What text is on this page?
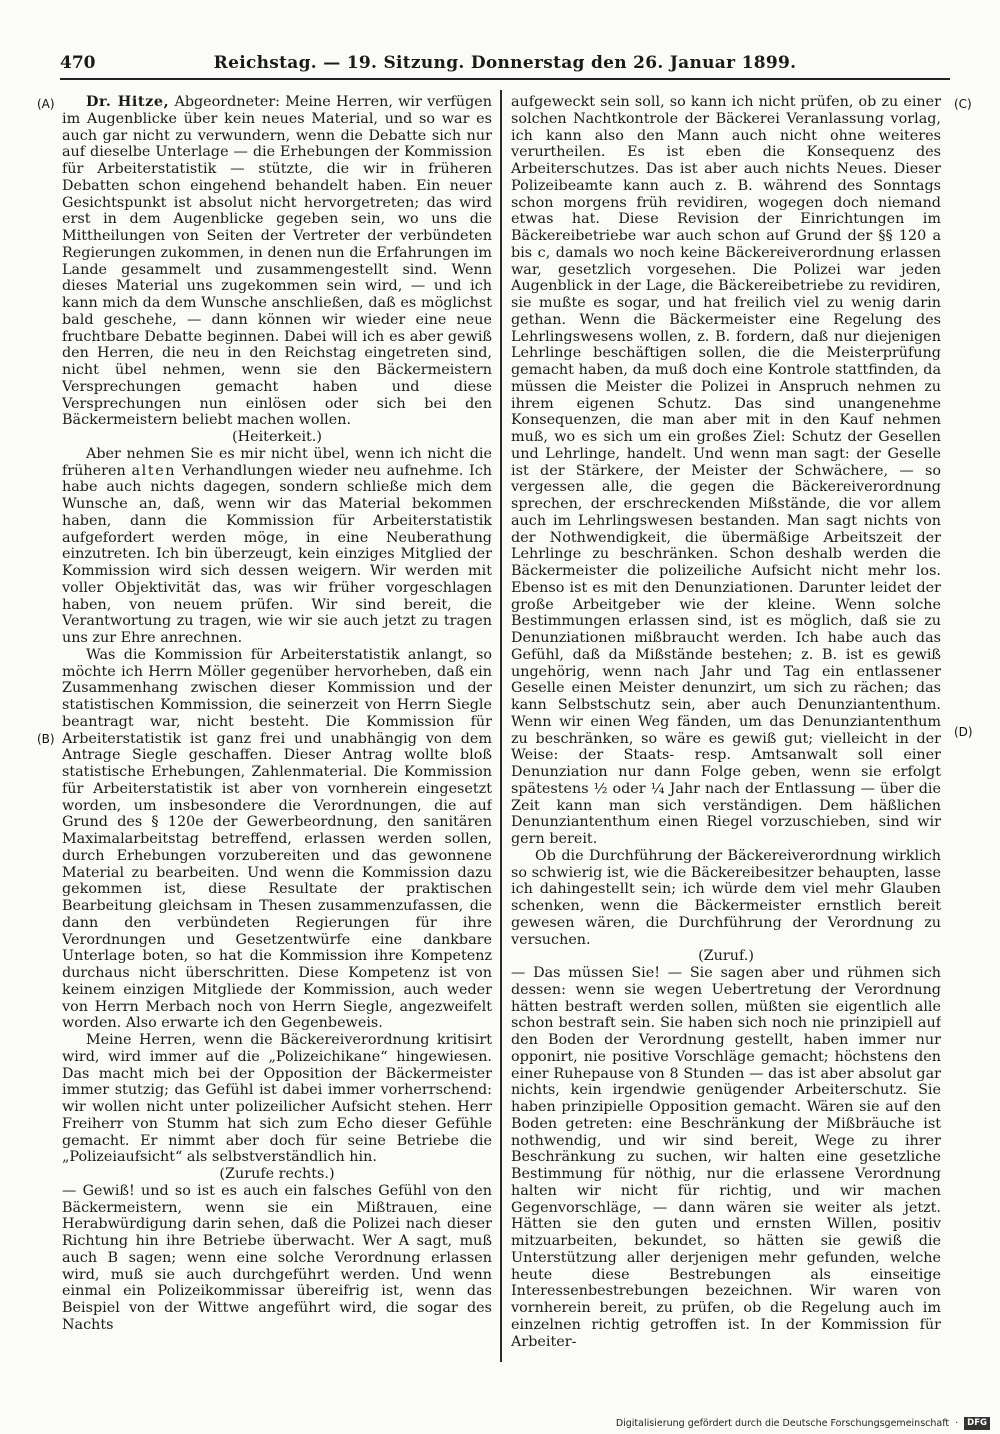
470	Reichstag. — 19. Sitzung. Donnerstag den 26. Januar 1899.
(A)
(B)
(C)
(D)

Dr. Hitze, Abgeordneter: Meine Herren, wir verfügen im Augenblicke über kein neues Material, und so war es auch gar nicht zu verwundern, wenn die Debatte sich nur auf dieselbe Unterlage — die Erhebungen der Kommission für Arbeiterstatistik — stützte, die wir in früheren Debatten schon eingehend behandelt haben. Ein neuer Gesichtspunkt ist absolut nicht hervorgetreten; das wird erst in dem Augenblicke gegeben sein, wo uns die Mittheilungen von Seiten der Vertreter der verbündeten Regierungen zukommen, in denen nun die Erfahrungen im Lande gesammelt und zusammengestellt sind. Wenn dieses Material uns zugekommen sein wird, — und ich kann mich da dem Wunsche anschließen, daß es möglichst bald geschehe, — dann können wir wieder eine neue fruchtbare Debatte beginnen. Dabei will ich es aber gewiß den Herren, die neu in den Reichstag eingetreten sind, nicht übel nehmen, wenn sie den Bäckermeistern Versprechungen gemacht haben und diese Versprechungen nun einlösen oder sich bei den Bäckermeistern beliebt machen wollen.

(Heiterkeit.)

Aber nehmen Sie es mir nicht übel, wenn ich nicht die früheren alten Verhandlungen wieder neu aufnehme. Ich habe auch nichts dagegen, sondern schließe mich dem Wunsche an, daß, wenn wir das Material bekommen haben, dann die Kommission für Arbeiterstatistik aufgefordert werden möge, in eine Neuberathung einzutreten. Ich bin überzeugt, kein einziges Mitglied der Kommission wird sich dessen weigern. Wir werden mit voller Objektivität das, was wir früher vorgeschlagen haben, von neuem prüfen. Wir sind bereit, die Verantwortung zu tragen, wie wir sie auch jetzt zu tragen uns zur Ehre anrechnen.

Was die Kommission für Arbeiterstatistik anlangt, so möchte ich Herrn Möller gegenüber hervorheben, daß ein Zusammenhang zwischen dieser Kommission und der statistischen Kommission, die seinerzeit von Herrn Siegle beantragt war, nicht besteht. Die Kommission für Arbeiterstatistik ist ganz frei und unabhängig von dem Antrage Siegle geschaffen. Dieser Antrag wollte bloß statistische Erhebungen, Zahlenmaterial. Die Kommission für Arbeiterstatistik ist aber von vornherein eingesetzt worden, um insbesondere die Verordnungen, die auf Grund des § 120e der Gewerbeordnung, den sanitären Maximalarbeitstag betreffend, erlassen werden sollen, durch Erhebungen vorzubereiten und das gewonnene Material zu bearbeiten. Und wenn die Kommission dazu gekommen ist, diese Resultate der praktischen Bearbeitung gleichsam in Thesen zusammenzufassen, die dann den verbündeten Regierungen für ihre Verordnungen und Gesetzentwürfe eine dankbare Unterlage boten, so hat die Kommission ihre Kompetenz durchaus nicht überschritten. Diese Kompetenz ist von keinem einzigen Mitgliede der Kommission, auch weder von Herrn Merbach noch von Herrn Siegle, angezweifelt worden. Also erwarte ich den Gegenbeweis.

Meine Herren, wenn die Bäckereiverordnung kritisirt wird, wird immer auf die „Polizeichikane“ hingewiesen. Das macht mich bei der Opposition der Bäckermeister immer stutzig; das Gefühl ist dabei immer vorherrschend: wir wollen nicht unter polizeilicher Aufsicht stehen. Herr Freiherr von Stumm hat sich zum Echo dieser Gefühle gemacht. Er nimmt aber doch für seine Betriebe die „Polizeiaufsicht“ als selbstverständlich hin.

(Zurufe rechts.)

— Gewiß! und so ist es auch ein falsches Gefühl von den Bäckermeistern, wenn sie ein Mißtrauen, eine Herabwürdigung darin sehen, daß die Polizei nach dieser Richtung hin ihre Betriebe überwacht. Wer A sagt, muß auch B sagen; wenn eine solche Verordnung erlassen wird, muß sie auch durchgeführt werden. Und wenn einmal ein Polizeikommissar übereifrig ist, wenn das Beispiel von der Wittwe angeführt wird, die sogar des Nachts

aufgeweckt sein soll, so kann ich nicht prüfen, ob zu einer solchen Nachtkontrole der Bäckerei Veranlassung vorlag, ich kann also den Mann auch nicht ohne weiteres verurtheilen. Es ist eben die Konsequenz des Arbeiterschutzes. Das ist aber auch nichts Neues. Dieser Polizeibeamte kann auch z. B. während des Sonntags schon morgens früh revidiren, wogegen doch niemand etwas hat. Diese Revision der Einrichtungen im Bäckereibetriebe war auch schon auf Grund der §§ 120 a bis c, damals wo noch keine Bäckereiverordnung erlassen war, gesetzlich vorgesehen. Die Polizei war jeden Augenblick in der Lage, die Bäckereibetriebe zu revidiren, sie mußte es sogar, und hat freilich viel zu wenig darin gethan. Wenn die Bäckermeister eine Regelung des Lehrlingswesens wollen, z. B. fordern, daß nur diejenigen Lehrlinge beschäftigen sollen, die die Meisterprüfung gemacht haben, da muß doch eine Kontrole stattfinden, da müssen die Meister die Polizei in Anspruch nehmen zu ihrem eigenen Schutz. Das sind unangenehme Konsequenzen, die man aber mit in den Kauf nehmen muß, wo es sich um ein großes Ziel: Schutz der Gesellen und Lehrlinge, handelt. Und wenn man sagt: der Geselle ist der Stärkere, der Meister der Schwächere, — so vergessen alle, die gegen die Bäckereiverordnung sprechen, der erschreckenden Mißstände, die vor allem auch im Lehrlingswesen bestanden. Man sagt nichts von der Nothwendigkeit, die übermäßige Arbeitszeit der Lehrlinge zu beschränken. Schon deshalb werden die Bäckermeister die polizeiliche Aufsicht nicht mehr los. Ebenso ist es mit den Denunziationen. Darunter leidet der große Arbeitgeber wie der kleine. Wenn solche Bestimmungen erlassen sind, ist es möglich, daß sie zu Denunziationen mißbraucht werden. Ich habe auch das Gefühl, daß da Mißstände bestehen; z. B. ist es gewiß ungehörig, wenn nach Jahr und Tag ein entlassener Geselle einen Meister denunzirt, um sich zu rächen; das kann Selbstschutz sein, aber auch Denunziantenthum. Wenn wir einen Weg fänden, um das Denunziantenthum zu beschränken, so wäre es gewiß gut; vielleicht in der Weise: der Staats- resp. Amtsanwalt soll einer Denunziation nur dann Folge geben, wenn sie erfolgt spätestens ½ oder ¼ Jahr nach der Entlassung — über die Zeit kann man sich verständigen. Dem häßlichen Denunziantenthum einen Riegel vorzuschieben, sind wir gern bereit.

Ob die Durchführung der Bäckereiverordnung wirklich so schwierig ist, wie die Bäckereibesitzer behaupten, lasse ich dahingestellt sein; ich würde dem viel mehr Glauben schenken, wenn die Bäckermeister ernstlich bereit gewesen wären, die Durchführung der Verordnung zu versuchen.

(Zuruf.)

— Das müssen Sie! — Sie sagen aber und rühmen sich dessen: wenn sie wegen Uebertretung der Verordnung hätten bestraft werden sollen, müßten sie eigentlich alle schon bestraft sein. Sie haben sich noch nie prinzipiell auf den Boden der Verordnung gestellt, haben immer nur opponirt, nie positive Vorschläge gemacht; höchstens den einer Ruhepause von 8 Stunden — das ist aber absolut gar nichts, kein irgendwie genügender Arbeiterschutz. Sie haben prinzipielle Opposition gemacht. Wären sie auf den Boden getreten: eine Beschränkung der Mißbräuche ist nothwendig, und wir sind bereit, Wege zu ihrer Beschränkung zu suchen, wir halten eine gesetzliche Bestimmung für nöthig, nur die erlassene Verordnung halten wir nicht für richtig, und wir machen Gegenvorschläge, — dann wären sie weiter als jetzt. Hätten sie den guten und ernsten Willen, positiv mitzuarbeiten, bekundet, so hätten sie gewiß die Unterstützung aller derjenigen mehr gefunden, welche heute diese Bestrebungen als einseitige Interessenbestrebungen bezeichnen. Wir waren von vornherein bereit, zu prüfen, ob die Regelung auch im einzelnen richtig getroffen ist. In der Kommission für Arbeiter-

Digitalisierung gefördert durch die Deutsche Forschungsgemeinschaft ·	DFG
